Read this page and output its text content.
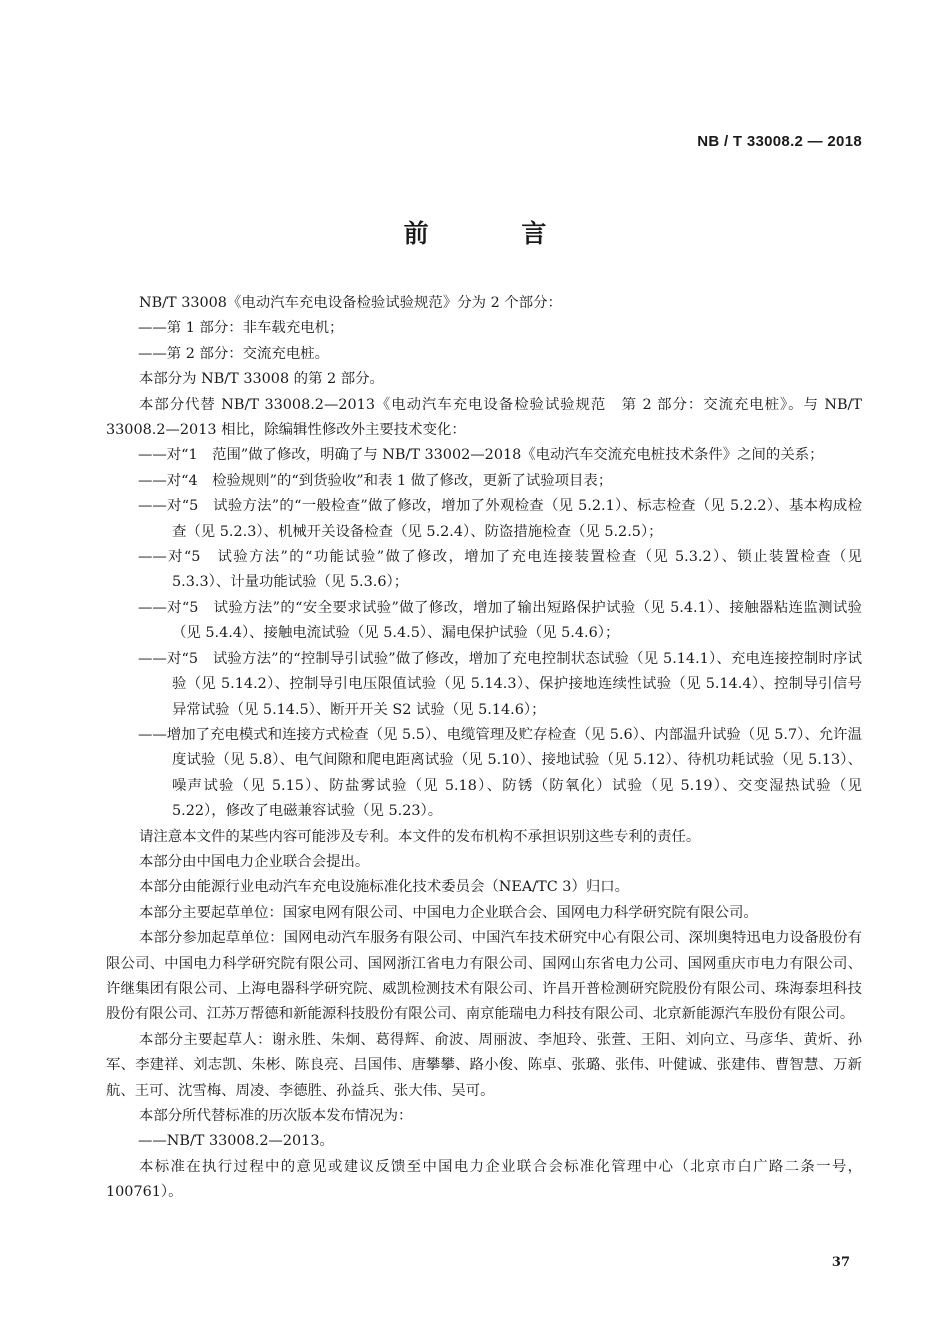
NB / T 33008.2 — 2018
前 言

NB/T 33008《电动汽车充电设备检验试验规范》分为 2 个部分：

——第 1 部分：非车载充电机；

——第 2 部分：交流充电桩。

本部分为 NB/T 33008 的第 2 部分。

本部分代替 NB/T 33008.2—2013《电动汽车充电设备检验试验规范　第 2 部分：交流充电桩》。与 NB/T 33008.2—2013 相比，除编辑性修改外主要技术变化：

——对“1　范围”做了修改，明确了与 NB/T 33002—2018《电动汽车交流充电桩技术条件》之间的关系；

——对“4　检验规则”的“到货验收”和表 1 做了修改，更新了试验项目表；

——对“5　试验方法”的“一般检查”做了修改，增加了外观检查（见 5.2.1）、标志检查（见 5.2.2）、基本构成检查（见 5.2.3）、机械开关设备检查（见 5.2.4）、防盗措施检查（见 5.2.5）；

——对“5　试验方法”的“功能试验”做了修改，增加了充电连接装置检查（见 5.3.2）、锁止装置检查（见 5.3.3）、计量功能试验（见 5.3.6）；

——对“5　试验方法”的“安全要求试验”做了修改，增加了输出短路保护试验（见 5.4.1）、接触器粘连监测试验（见 5.4.4）、接触电流试验（见 5.4.5）、漏电保护试验（见 5.4.6）；

——对“5　试验方法”的“控制导引试验”做了修改，增加了充电控制状态试验（见 5.14.1）、充电连接控制时序试验（见 5.14.2）、控制导引电压限值试验（见 5.14.3）、保护接地连续性试验（见 5.14.4）、控制导引信号异常试验（见 5.14.5）、断开开关 S2 试验（见 5.14.6）；

——增加了充电模式和连接方式检查（见 5.5）、电缆管理及贮存检查（见 5.6）、内部温升试验（见 5.7）、允许温度试验（见 5.8）、电气间隙和爬电距离试验（见 5.10）、接地试验（见 5.12）、待机功耗试验（见 5.13）、噪声试验（见 5.15）、防盐雾试验（见 5.18）、防锈（防氧化）试验（见 5.19）、交变湿热试验（见 5.22），修改了电磁兼容试验（见 5.23）。

请注意本文件的某些内容可能涉及专利。本文件的发布机构不承担识别这些专利的责任。

本部分由中国电力企业联合会提出。

本部分由能源行业电动汽车充电设施标准化技术委员会（NEA/TC 3）归口。

本部分主要起草单位：国家电网有限公司、中国电力企业联合会、国网电力科学研究院有限公司。

本部分参加起草单位：国网电动汽车服务有限公司、中国汽车技术研究中心有限公司、深圳奥特迅电力设备股份有限公司、中国电力科学研究院有限公司、国网浙江省电力有限公司、国网山东省电力公司、国网重庆市电力有限公司、许继集团有限公司、上海电器科学研究院、威凯检测技术有限公司、许昌开普检测研究院股份有限公司、珠海泰坦科技股份有限公司、江苏万帮德和新能源科技股份有限公司、南京能瑞电力科技有限公司、北京新能源汽车股份有限公司。

本部分主要起草人：谢永胜、朱炯、葛得辉、俞波、周丽波、李旭玲、张萱、王阳、刘向立、马彦华、黄炘、孙军、李建祥、刘志凯、朱彬、陈良亮、吕国伟、唐攀攀、路小俊、陈卓、张璐、张伟、叶健诚、张建伟、曹智慧、万新航、王可、沈雪梅、周凌、李德胜、孙益兵、张大伟、吴可。

本部分所代替标准的历次版本发布情况为：

——NB/T 33008.2—2013。

本标准在执行过程中的意见或建议反馈至中国电力企业联合会标准化管理中心（北京市白广路二条一号，100761）。

37
